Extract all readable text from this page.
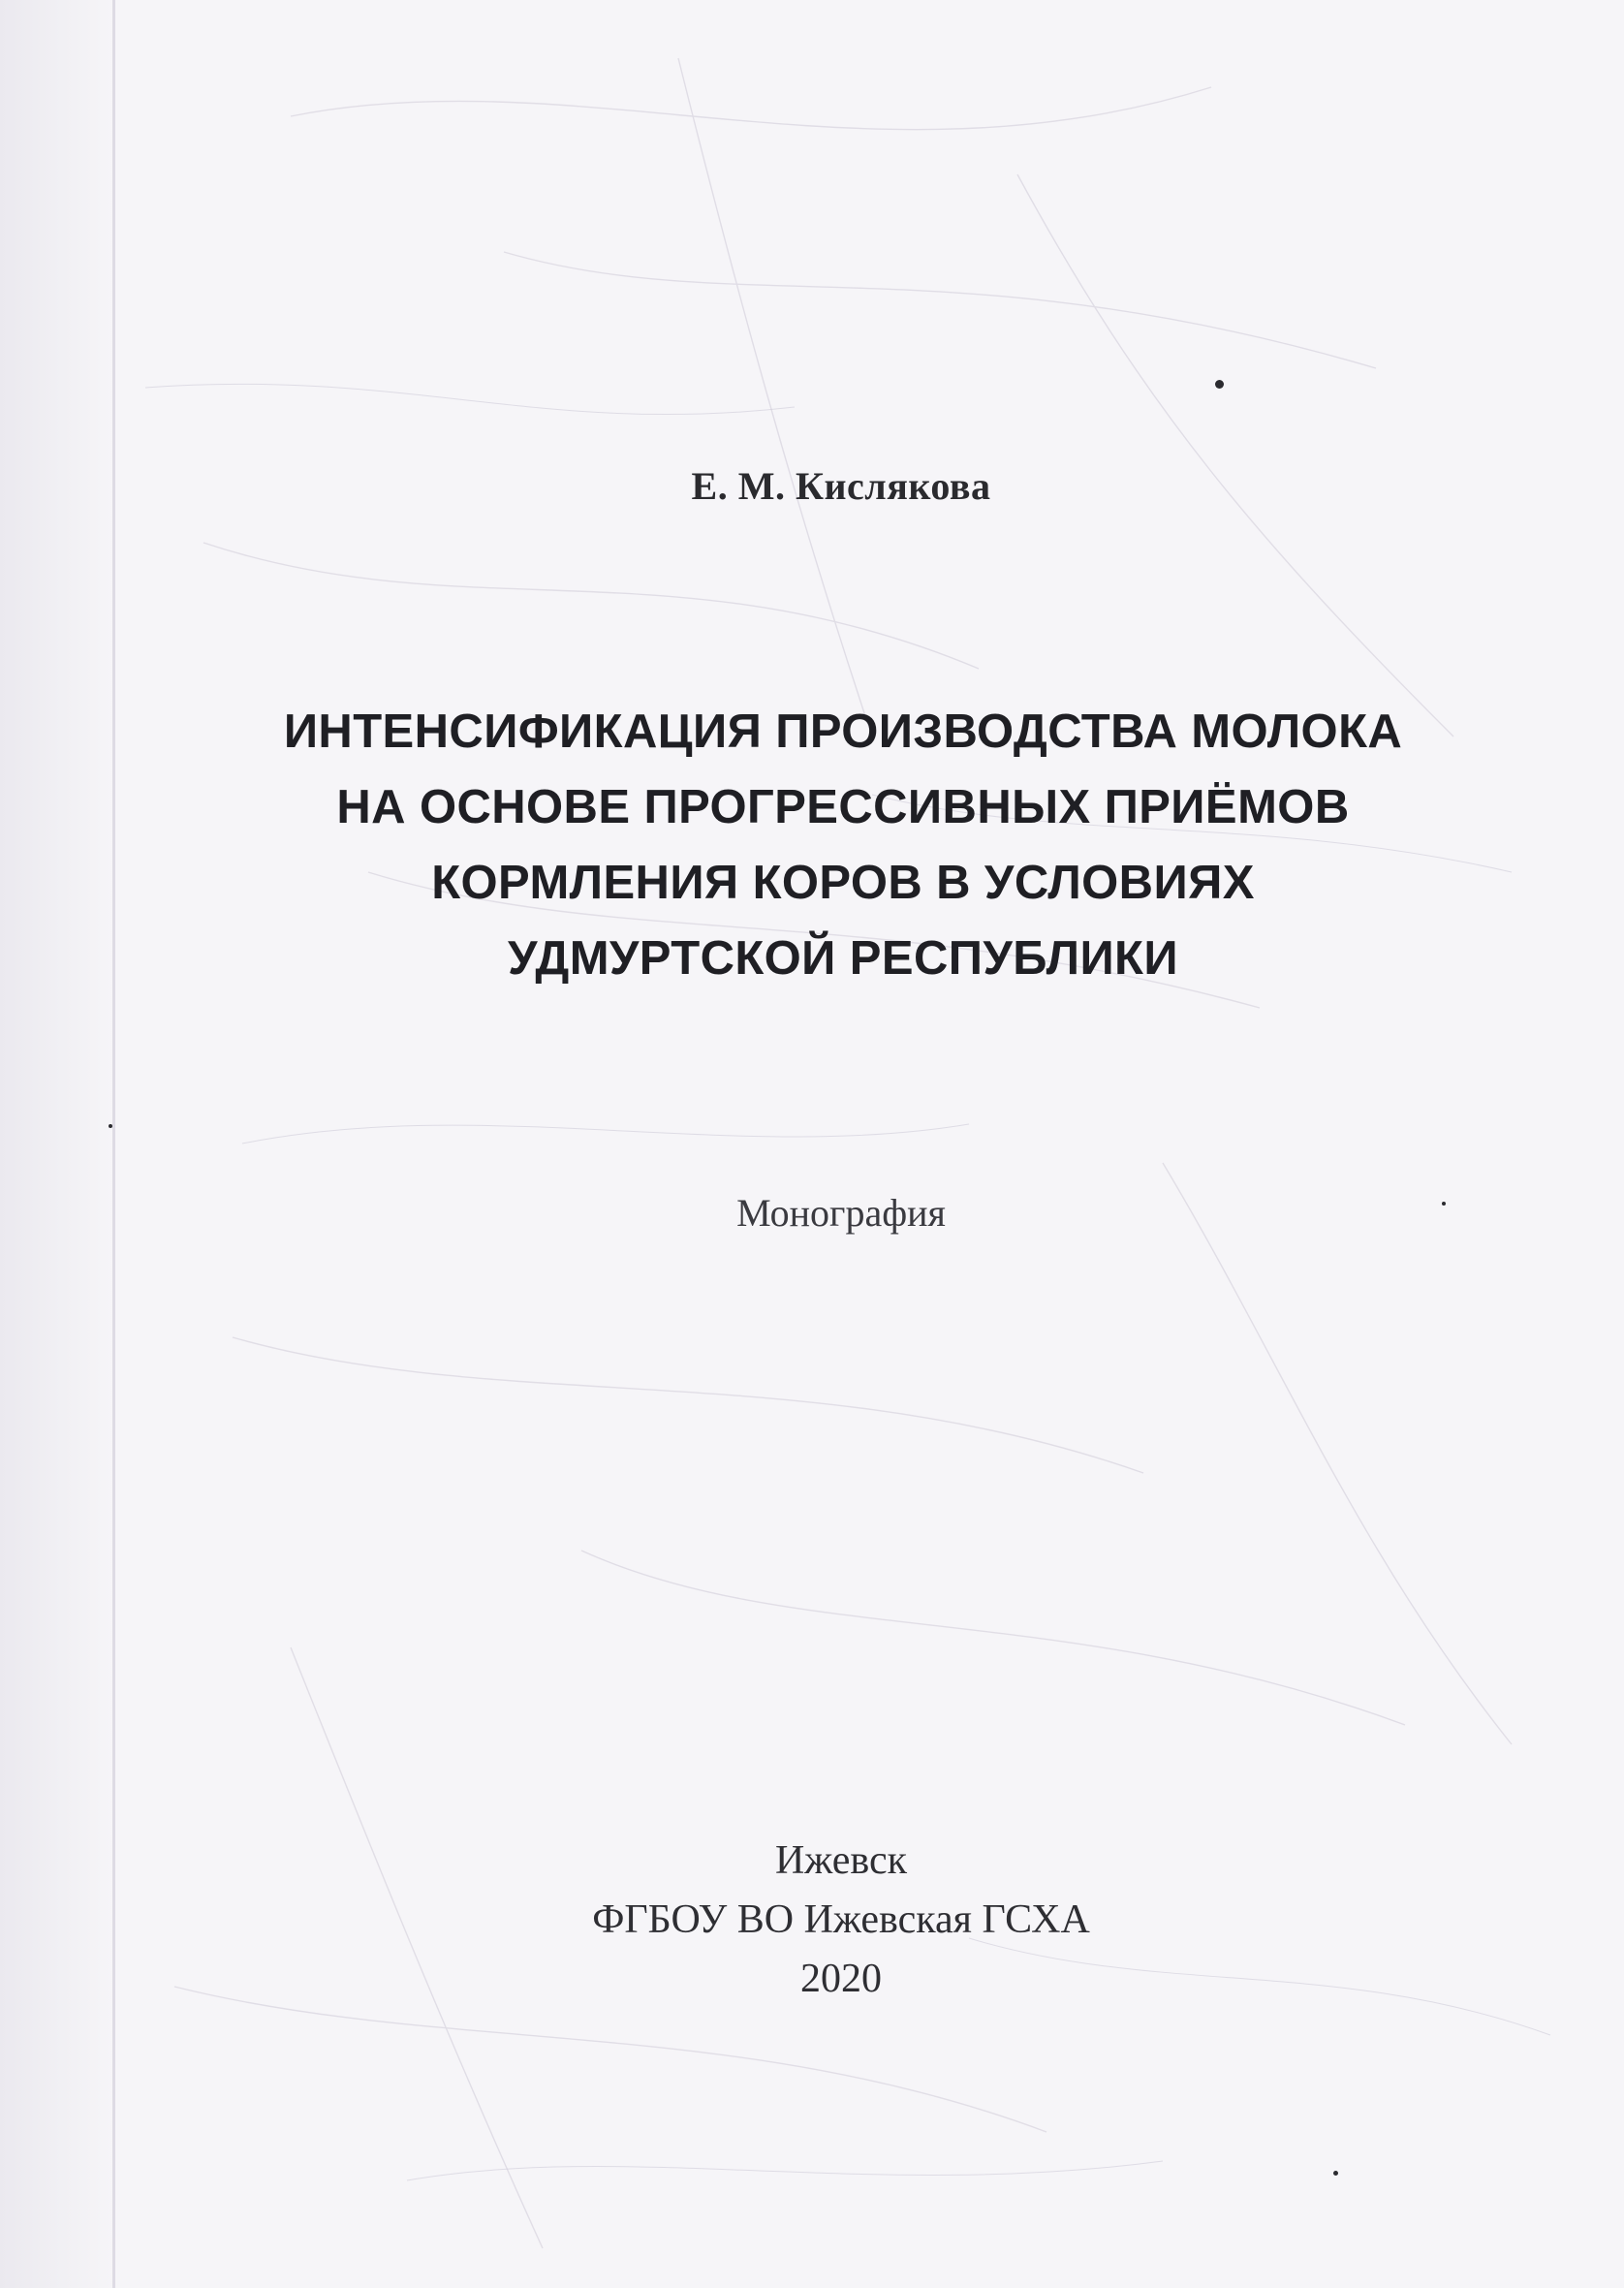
Е. М. Кислякова
ИНТЕНСИФИКАЦИЯ ПРОИЗВОДСТВА МОЛОКА
НА ОСНОВЕ ПРОГРЕССИВНЫХ ПРИЁМОВ
КОРМЛЕНИЯ КОРОВ В УСЛОВИЯХ
УДМУРТСКОЙ РЕСПУБЛИКИ
Монография
Ижевск
ФГБОУ ВО Ижевская ГСХА
2020
